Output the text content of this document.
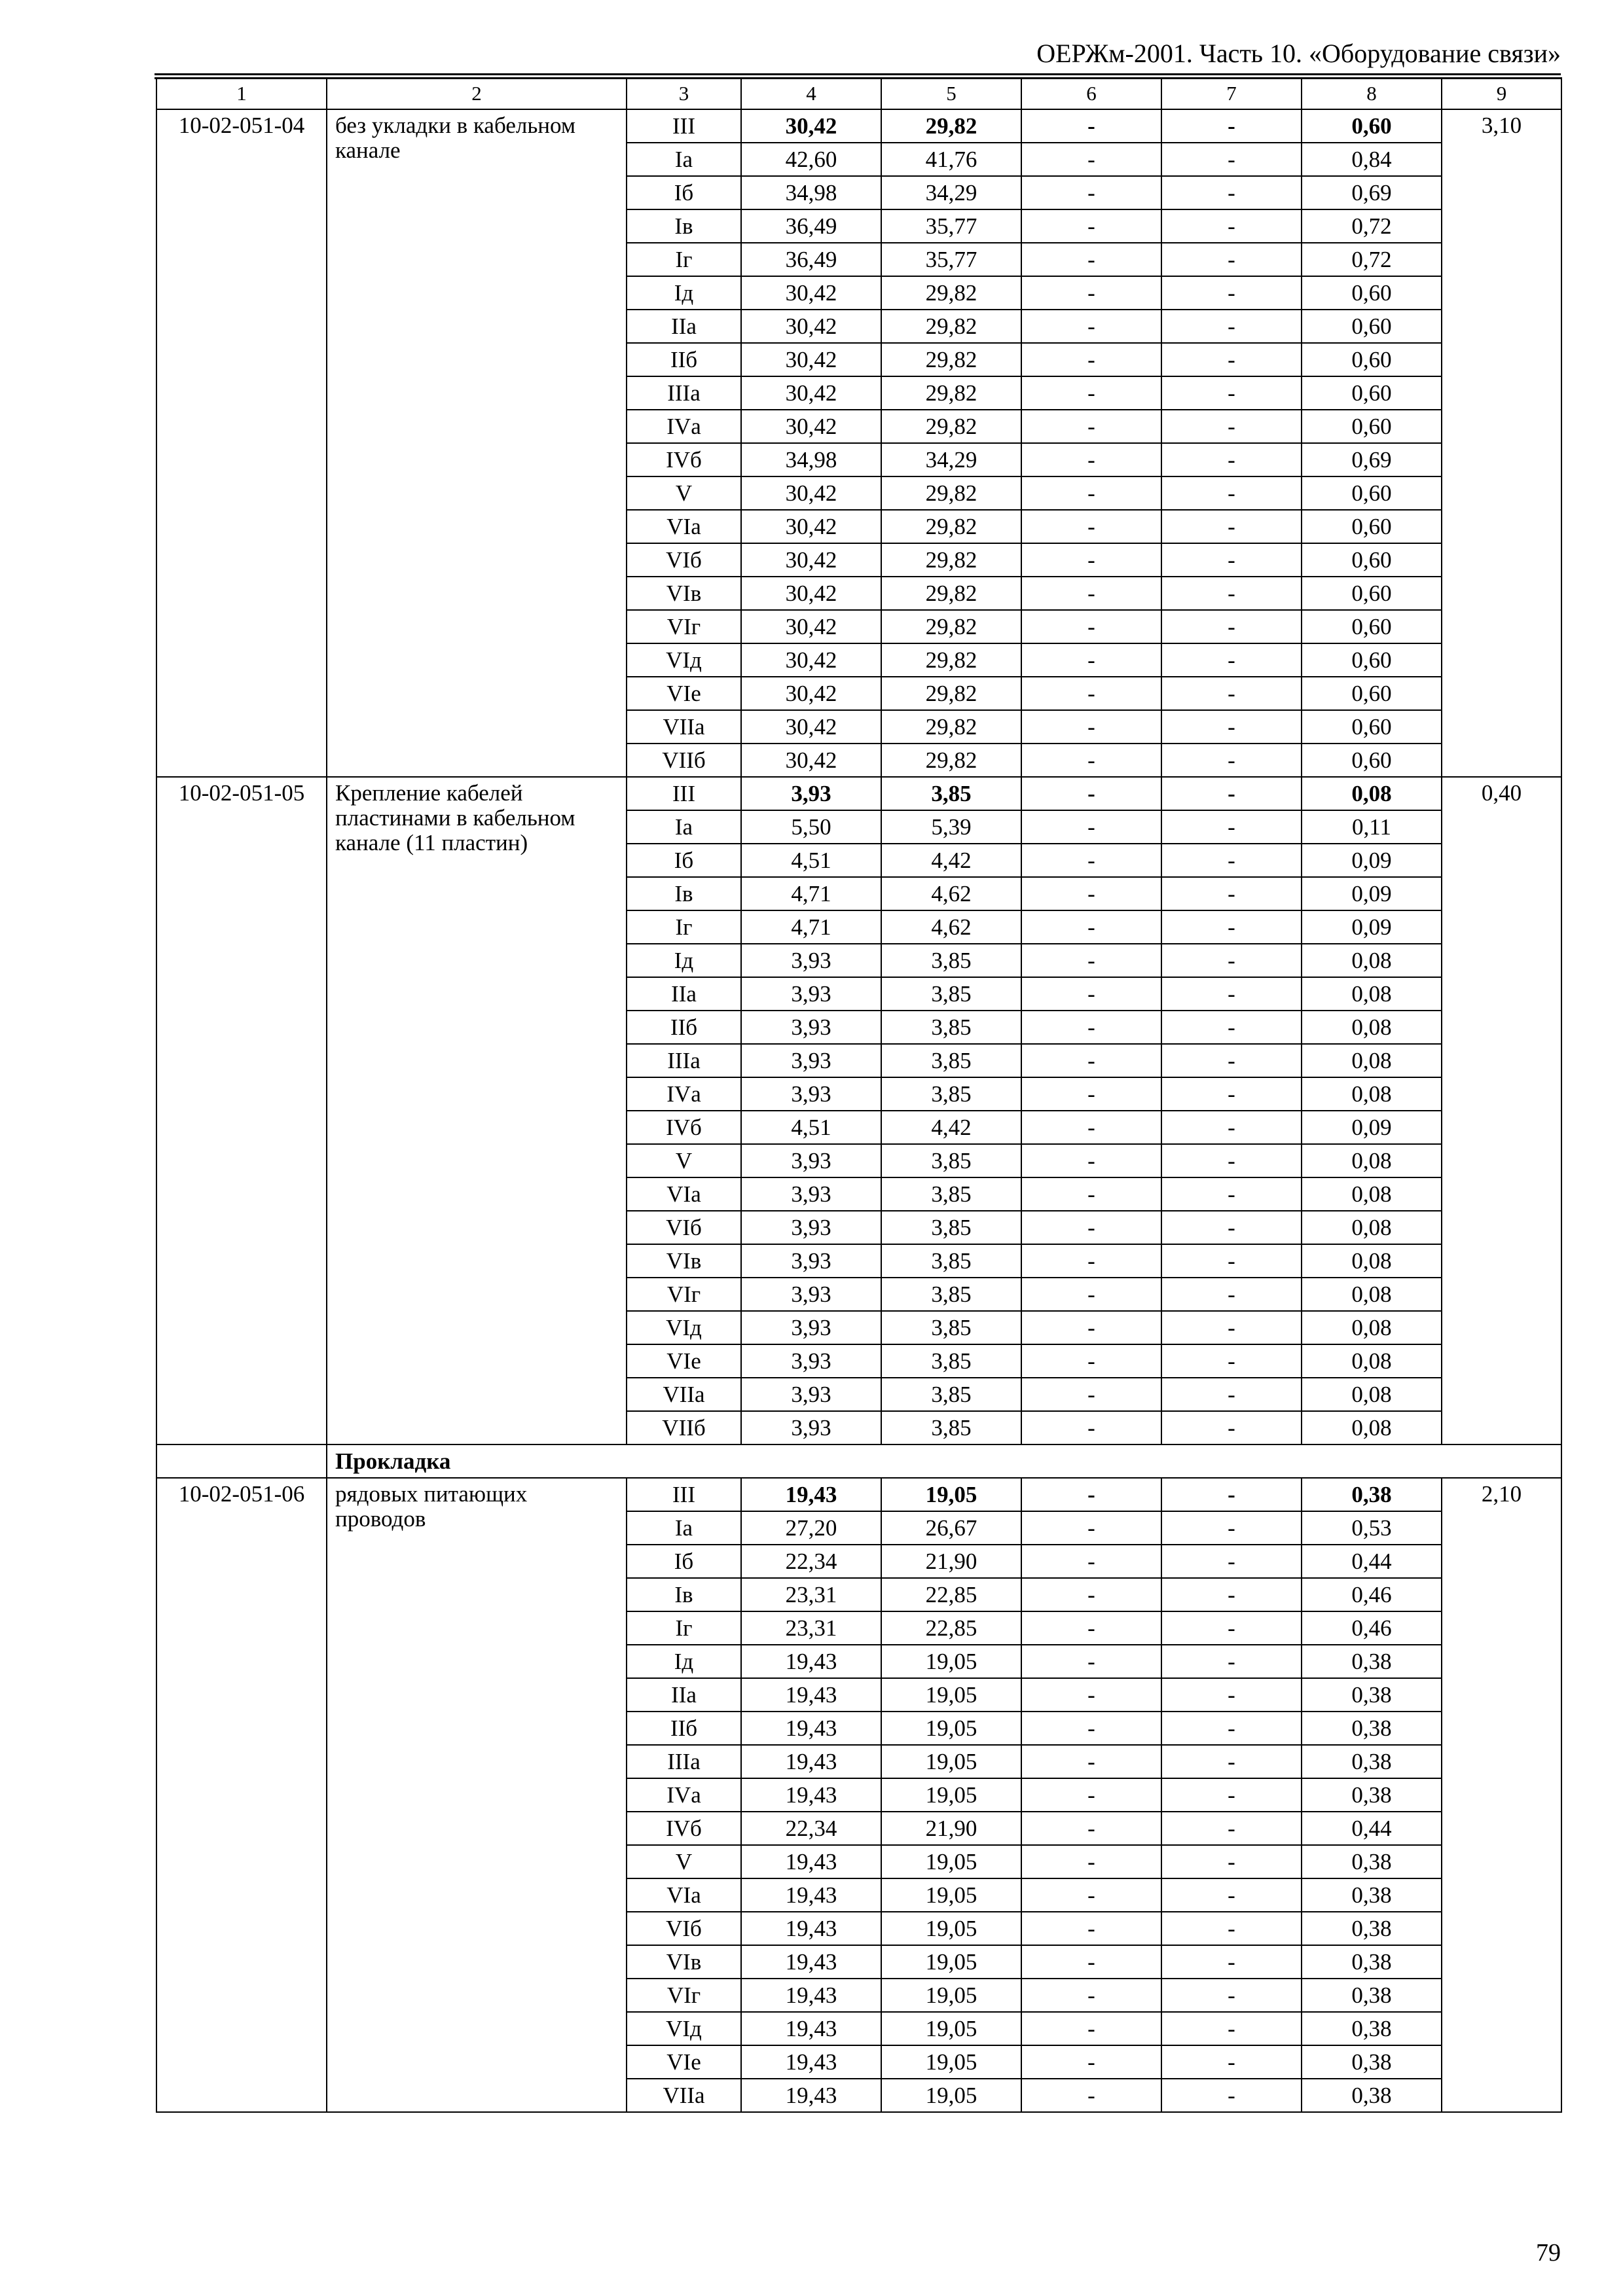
ОЕРЖм-2001. Часть 10. «Оборудование связи»
1	2	3	4	5	6	7	8	9
10-02-051-04	без укладки в кабельном канале	III	30,42	29,82	-	-	0,60	3,10
		Iа	42,60	41,76	-	-	0,84	
		Iб	34,98	34,29	-	-	0,69	
		Iв	36,49	35,77	-	-	0,72	
		Iг	36,49	35,77	-	-	0,72	
		Iд	30,42	29,82	-	-	0,60	
		IIа	30,42	29,82	-	-	0,60	
		IIб	30,42	29,82	-	-	0,60	
		IIIа	30,42	29,82	-	-	0,60	
		IVа	30,42	29,82	-	-	0,60	
		IVб	34,98	34,29	-	-	0,69	
		V	30,42	29,82	-	-	0,60	
		VIа	30,42	29,82	-	-	0,60	
		VIб	30,42	29,82	-	-	0,60	
		VIв	30,42	29,82	-	-	0,60	
		VIг	30,42	29,82	-	-	0,60	
		VIд	30,42	29,82	-	-	0,60	
		VIе	30,42	29,82	-	-	0,60	
		VIIа	30,42	29,82	-	-	0,60	
		VIIб	30,42	29,82	-	-	0,60	
10-02-051-05	Крепление кабелей пластинами в кабельном канале (11 пластин)	III	3,93	3,85	-	-	0,08	0,40
		Iа	5,50	5,39	-	-	0,11	
		Iб	4,51	4,42	-	-	0,09	
		Iв	4,71	4,62	-	-	0,09	
		Iг	4,71	4,62	-	-	0,09	
		Iд	3,93	3,85	-	-	0,08	
		IIа	3,93	3,85	-	-	0,08	
		IIб	3,93	3,85	-	-	0,08	
		IIIа	3,93	3,85	-	-	0,08	
		IVа	3,93	3,85	-	-	0,08	
		IVб	4,51	4,42	-	-	0,09	
		V	3,93	3,85	-	-	0,08	
		VIа	3,93	3,85	-	-	0,08	
		VIб	3,93	3,85	-	-	0,08	
		VIв	3,93	3,85	-	-	0,08	
		VIг	3,93	3,85	-	-	0,08	
		VIд	3,93	3,85	-	-	0,08	
		VIе	3,93	3,85	-	-	0,08	
		VIIа	3,93	3,85	-	-	0,08	
		VIIб	3,93	3,85	-	-	0,08	
	Прокладка							
10-02-051-06	рядовых питающих проводов	III	19,43	19,05	-	-	0,38	2,10
		Iа	27,20	26,67	-	-	0,53	
		Iб	22,34	21,90	-	-	0,44	
		Iв	23,31	22,85	-	-	0,46	
		Iг	23,31	22,85	-	-	0,46	
		Iд	19,43	19,05	-	-	0,38	
		IIа	19,43	19,05	-	-	0,38	
		IIб	19,43	19,05	-	-	0,38	
		IIIа	19,43	19,05	-	-	0,38	
		IVа	19,43	19,05	-	-	0,38	
		IVб	22,34	21,90	-	-	0,44	
		V	19,43	19,05	-	-	0,38	
		VIа	19,43	19,05	-	-	0,38	
		VIб	19,43	19,05	-	-	0,38	
		VIв	19,43	19,05	-	-	0,38	
		VIг	19,43	19,05	-	-	0,38	
		VIд	19,43	19,05	-	-	0,38	
		VIе	19,43	19,05	-	-	0,38	
		VIIа	19,43	19,05	-	-	0,38	
79
